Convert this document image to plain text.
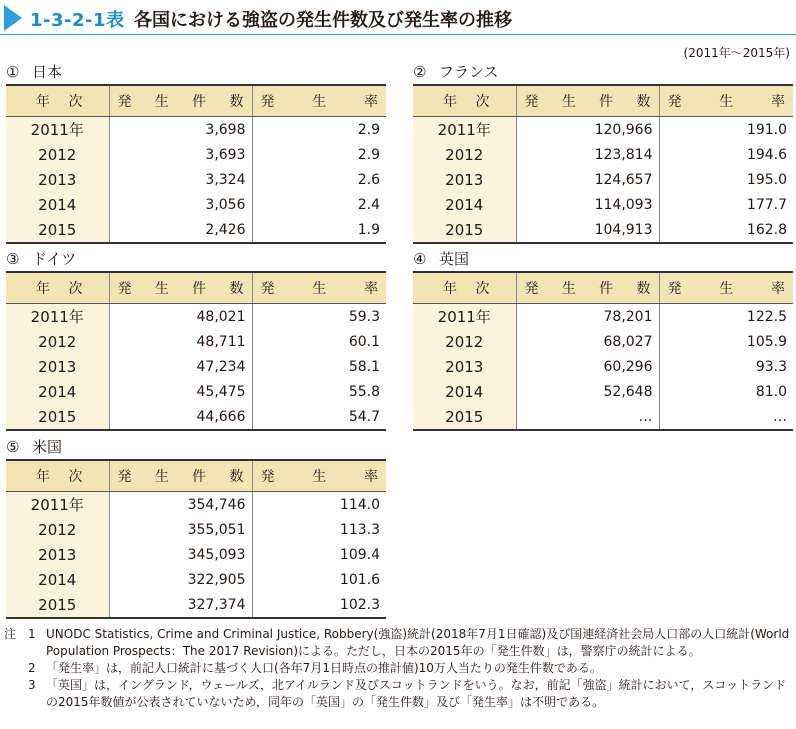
1-3-2-1表 各国における強盗の発生件数及び発生率の推移
(2011年～2015年)
① 日本
年 次	発 生 件 数	発 生 率

2011年	3,698	2.9
2012	3,693	2.9
2013	3,324	2.6
2014	3,056	2.4
2015	2,426	1.9
② フランス
年 次	発 生 件 数	発 生 率

2011年	120,966	191.0
2012	123,814	194.6
2013	124,657	195.0
2014	114,093	177.7
2015	104,913	162.8
③ ドイツ
年 次	発 生 件 数	発 生 率

2011年	48,021	59.3
2012	48,711	60.1
2013	47,234	58.1
2014	45,475	55.8
2015	44,666	54.7
④ 英国
年 次	発 生 件 数	発 生 率

2011年	78,201	122.5
2012	68,027	105.9
2013	60,296	93.3
2014	52,648	81.0
2015	…	…
⑤ 米国
年 次	発 生 件 数	発 生 率

2011年	354,746	114.0
2012	355,051	113.3
2013	345,093	109.4
2014	322,905	101.6
2015	327,374	102.3
注 1 UNODC Statistics, Crime and Criminal Justice, Robbery(強盗)統計(2018年7月1日確認)及び国連経済社会局人口部の人口統計(World Population Prospects：The 2017 Revision)による。ただし，日本の2015年の「発生件数」は，警察庁の統計による。
2 「発生率」は，前記人口統計に基づく人口(各年7月1日時点の推計値)10万人当たりの発生件数である。
3 「英国」は，イングランド，ウェールズ，北アイルランド及びスコットランドをいう。なお，前記「強盗」統計において，スコットランドの2015年数値が公表されていないため，同年の「英国」の「発生件数」及び「発生率」は不明である。
